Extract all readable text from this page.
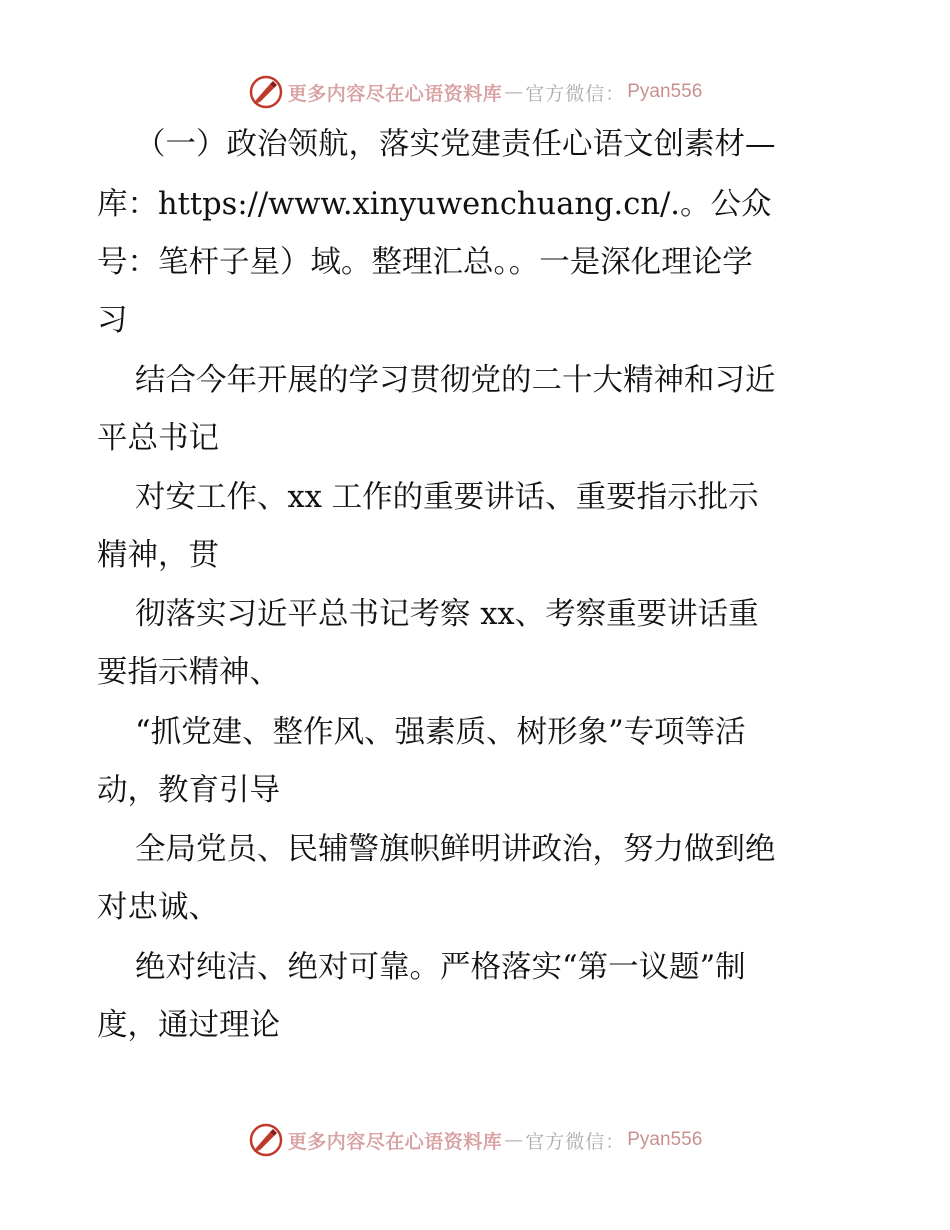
更多内容尽在心语资料库 — 官方微信： Pyan556
（一）政治领航，落实党建责任心语文创素材—
库：https://www.xinyuwenchuang.cn/.。公众
号：笔杆子星）域。整理汇总。。一是深化理论学
习
结合今年开展的学习贯彻党的二十大精神和习近
平总书记
对安工作、xx 工作的重要讲话、重要指示批示
精神，贯
彻落实习近平总书记考察 xx、考察重要讲话重
要指示精神、
“抓党建、整作风、强素质、树形象”专项等活
动，教育引导
全局党员、民辅警旗帜鲜明讲政治，努力做到绝
对忠诚、
绝对纯洁、绝对可靠。严格落实“第一议题”制
度，通过理论
更多内容尽在心语资料库 — 官方微信： Pyan556
